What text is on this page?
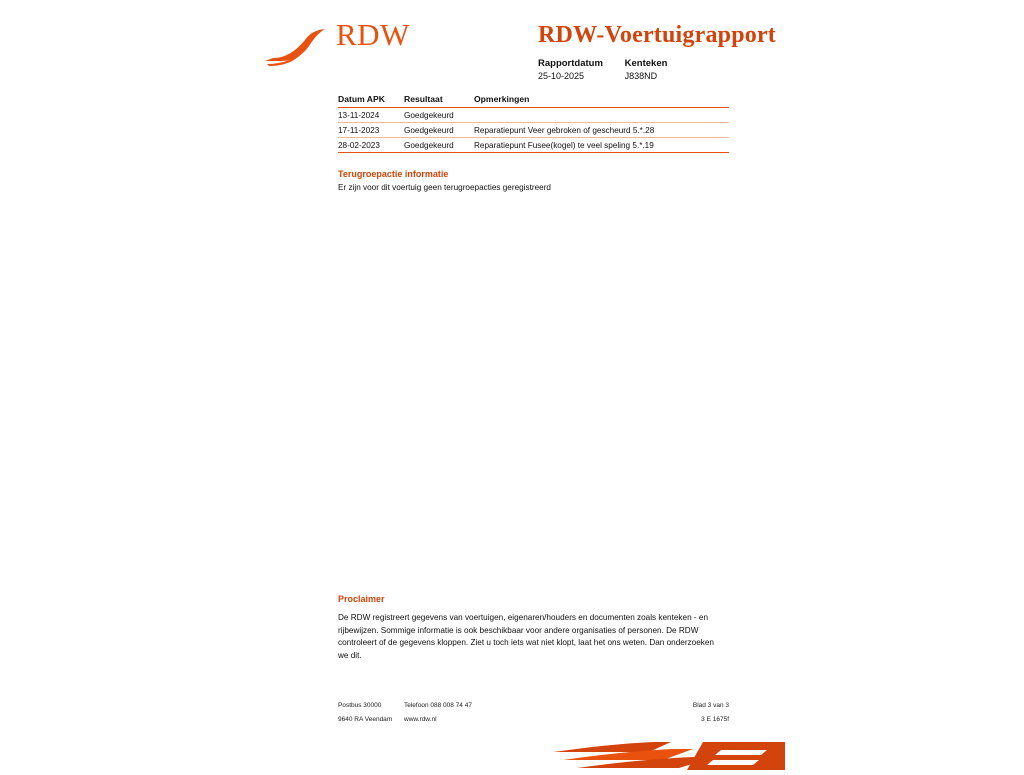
RDW	RDW-Voertuigrapport
Rapportdatum
25-10-2025

Kenteken
J838ND
Datum APK	Resultaat	Opmerkingen
13-11-2024	Goedgekeurd	
17-11-2023	Goedgekeurd	Reparatiepunt Veer gebroken of gescheurd 5.*.28
28-02-2023	Goedgekeurd	Reparatiepunt Fusee(kogel) te veel speling 5.*.19
Terugroepactie informatie
Er zijn voor dit voertuig geen terugroepacties geregistreerd
Proclaimer
De RDW registreert gegevens van voertuigen, eigenaren/houders en documenten zoals kenteken - en rijbewijzen. Sommige informatie is ook beschikbaar voor andere organisaties of personen. De RDW controleert of de gegevens kloppen. Ziet u toch iets wat niet klopt, laat het ons weten. Dan onderzoeken we dit.
Postbus 30000	Telefoon 088 008 74 47	Blad 3 van 3
9640 RA Veendam www.rdw.nl	3 E 1675f
